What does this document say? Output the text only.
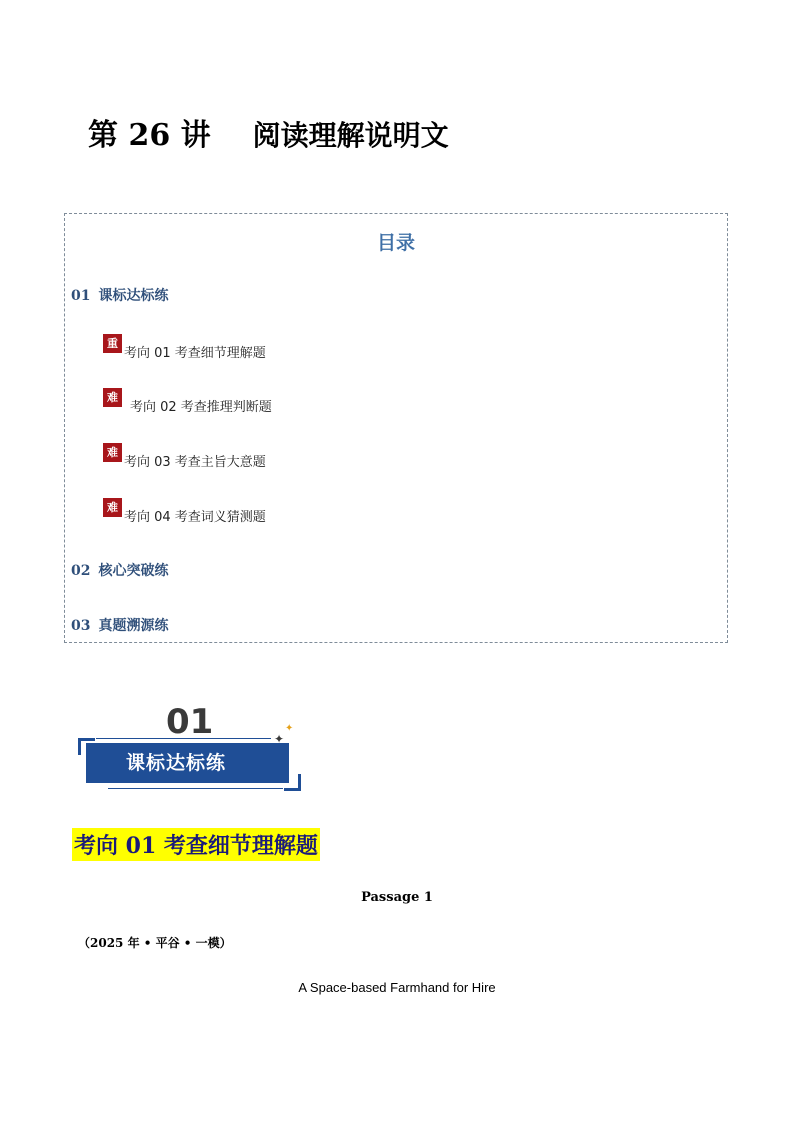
第 26 讲 阅读理解说明文
目录
01 课标达标练
重
考向 01 考查细节理解题
难
考向 02 考查推理判断题
难
考向 03 考查主旨大意题
难
考向 04 考查词义猜测题
02 核心突破练
03 真题溯源练
01
课标达标练
✦
✦
考向 01 考查细节理解题
Passage 1
（2025 年 • 平谷 • 一模）
A Space-based Farmhand for Hire
